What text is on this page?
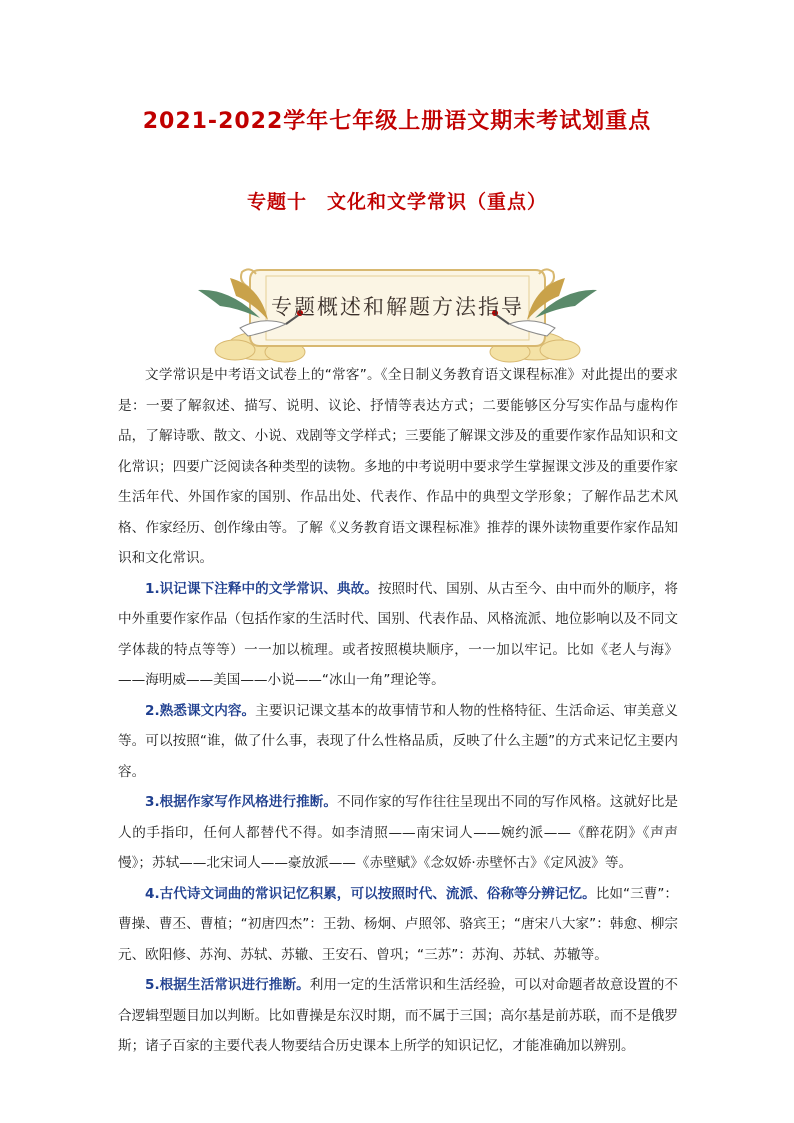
2021-2022学年七年级上册语文期末考试划重点
专题十　文化和文学常识（重点）
专题概述和解题方法指导

文学常识是中考语文试卷上的“常客”。《全日制义务教育语文课程标准》对此提出的要求是：一要了解叙述、描写、说明、议论、抒情等表达方式；二要能够区分写实作品与虚构作品，了解诗歌、散文、小说、戏剧等文学样式；三要能了解课文涉及的重要作家作品知识和文化常识；四要广泛阅读各种类型的读物。多地的中考说明中要求学生掌握课文涉及的重要作家生活年代、外国作家的国别、作品出处、代表作、作品中的典型文学形象；了解作品艺术风格、作家经历、创作缘由等。了解《义务教育语文课程标准》推荐的课外读物重要作家作品知识和文化常识。

1.识记课下注释中的文学常识、典故。按照时代、国别、从古至今、由中而外的顺序，将中外重要作家作品（包括作家的生活时代、国别、代表作品、风格流派、地位影响以及不同文学体裁的特点等等）一一加以梳理。或者按照模块顺序，一一加以牢记。比如《老人与海》——海明威——美国——小说——“冰山一角”理论等。

2.熟悉课文内容。主要识记课文基本的故事情节和人物的性格特征、生活命运、审美意义等。可以按照“谁，做了什么事，表现了什么性格品质，反映了什么主题”的方式来记忆主要内容。

3.根据作家写作风格进行推断。不同作家的写作往往呈现出不同的写作风格。这就好比是人的手指印，任何人都替代不得。如李清照——南宋词人——婉约派——《醉花阴》《声声慢》；苏轼——北宋词人——豪放派——《赤壁赋》《念奴娇·赤壁怀古》《定风波》等。

4.古代诗文词曲的常识记忆积累，可以按照时代、流派、俗称等分辨记忆。比如“三曹”：曹操、曹丕、曹植；“初唐四杰”：王勃、杨炯、卢照邻、骆宾王；“唐宋八大家”：韩愈、柳宗元、欧阳修、苏洵、苏轼、苏辙、王安石、曾巩；“三苏”：苏洵、苏轼、苏辙等。

5.根据生活常识进行推断。利用一定的生活常识和生活经验，可以对命题者故意设置的不合逻辑型题目加以判断。比如曹操是东汉时期，而不属于三国；高尔基是前苏联，而不是俄罗斯；诸子百家的主要代表人物要结合历史课本上所学的知识记忆，才能准确加以辨别。
